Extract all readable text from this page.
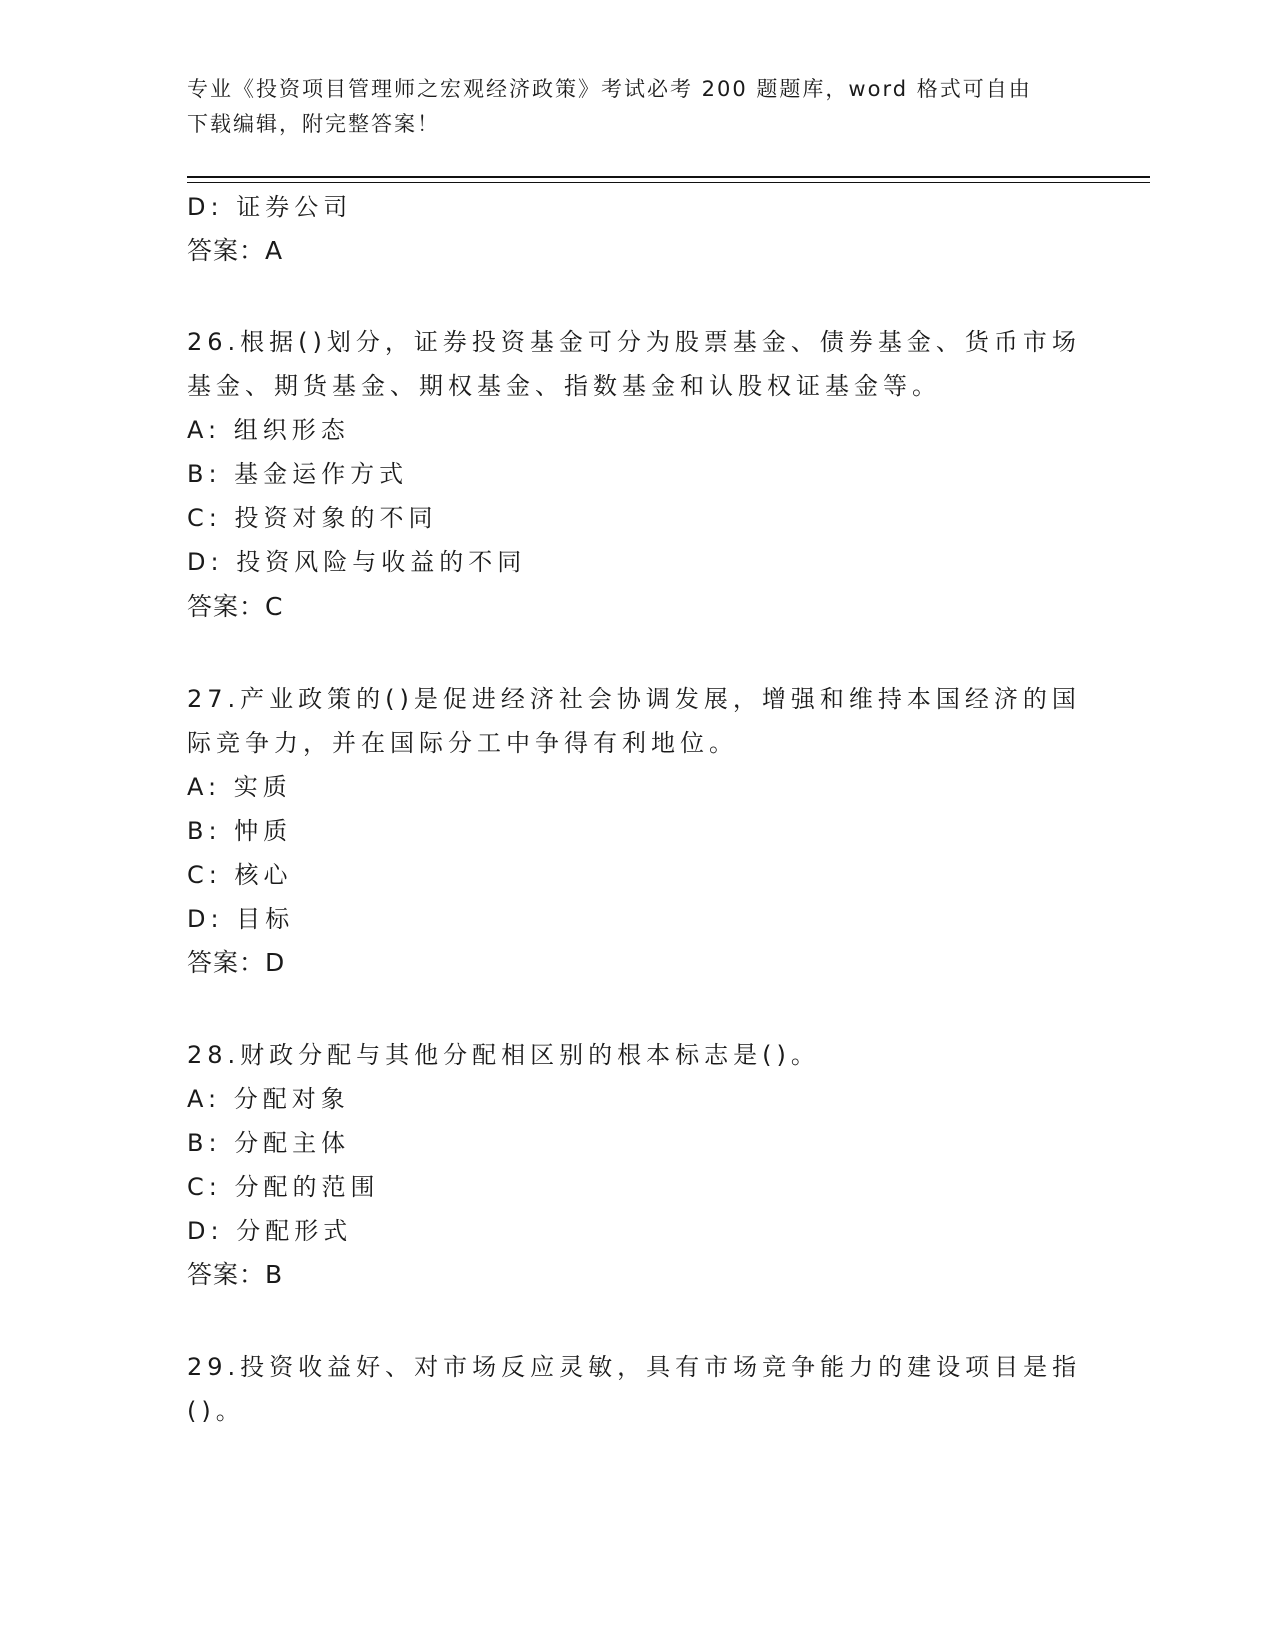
专业《投资项目管理师之宏观经济政策》考试必考 200 题题库，word 格式可自由
下载编辑，附完整答案！
D: 证券公司
答案：A
26.根据()划分，证券投资基金可分为股票基金、债券基金、货币市场
基金、期货基金、期权基金、指数基金和认股权证基金等。
A: 组织形态
B: 基金运作方式
C: 投资对象的不同
D: 投资风险与收益的不同
答案：C
27.产业政策的()是促进经济社会协调发展，增强和维持本国经济的国
际竞争力，并在国际分工中争得有利地位。
A: 实质
B: 忡质
C: 核心
D: 目标
答案：D
28.财政分配与其他分配相区别的根本标志是()。
A: 分配对象
B: 分配主体
C: 分配的范围
D: 分配形式
答案：B
29.投资收益好、对市场反应灵敏，具有市场竞争能力的建设项目是指
()。
